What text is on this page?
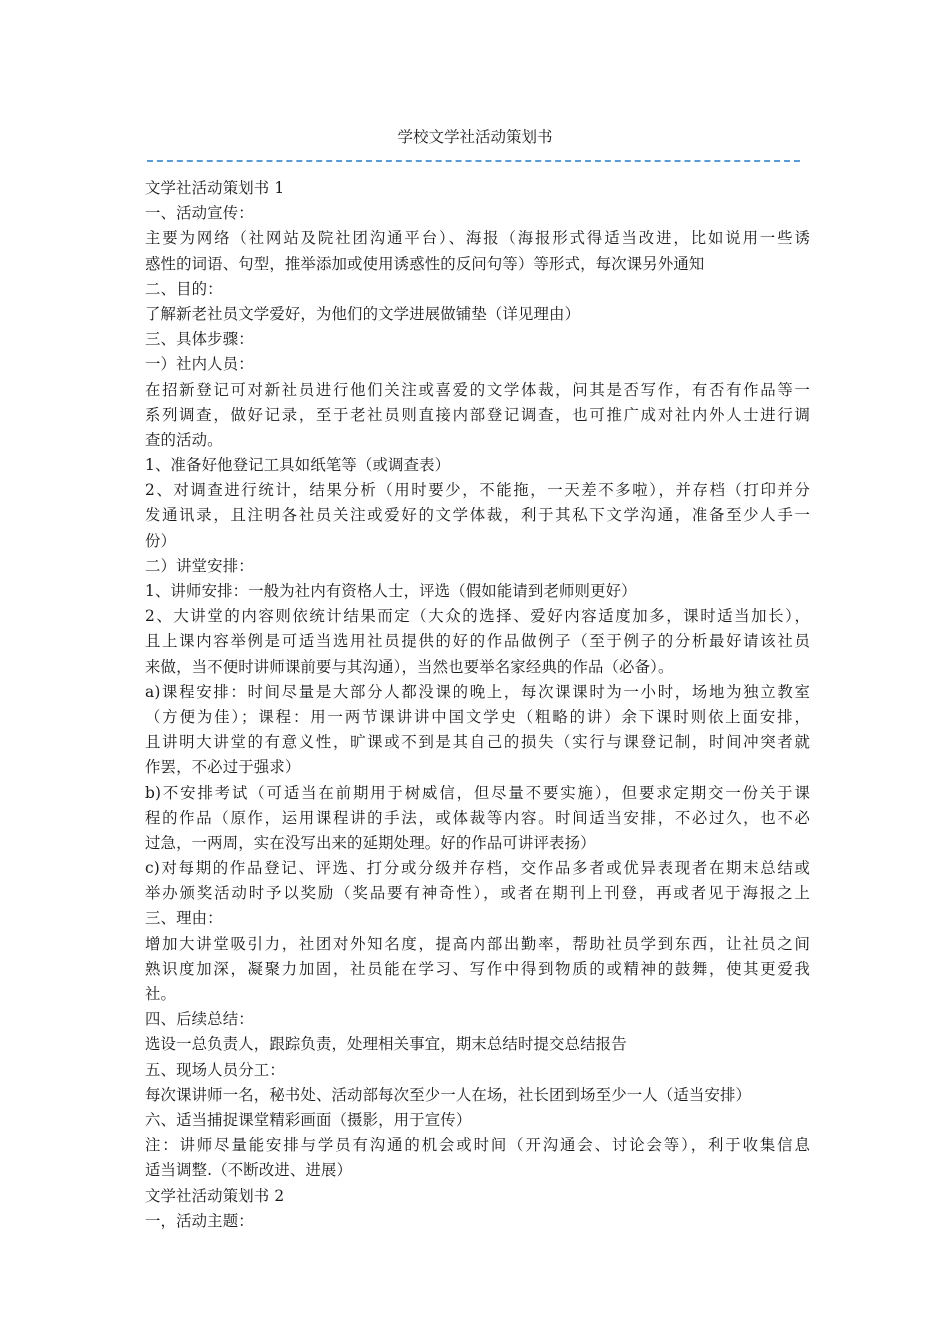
学校文学社活动策划书
文学社活动策划书 1
一、活动宣传：
主要为网络（社网站及院社团沟通平台）、海报（海报形式得适当改进，比如说用一些诱
惑性的词语、句型，推举添加或使用诱惑性的反问句等）等形式，每次课另外通知
二、目的：
了解新老社员文学爱好，为他们的文学进展做铺垫（详见理由）
三、具体步骤：
一）社内人员：
在招新登记可对新社员进行他们关注或喜爱的文学体裁，问其是否写作，有否有作品等一
系列调查，做好记录，至于老社员则直接内部登记调查，也可推广成对社内外人士进行调
查的活动。
1、准备好他登记工具如纸笔等（或调查表）
2、对调查进行统计，结果分析（用时要少，不能拖，一天差不多啦），并存档（打印并分
发通讯录，且注明各社员关注或爱好的文学体裁，利于其私下文学沟通，准备至少人手一
份）
二）讲堂安排：
1、讲师安排：一般为社内有资格人士，评选（假如能请到老师则更好）
2、大讲堂的内容则依统计结果而定（大众的选择、爱好内容适度加多，课时适当加长），
且上课内容举例是可适当选用社员提供的好的作品做例子（至于例子的分析最好请该社员
来做，当不便时讲师课前要与其沟通），当然也要举名家经典的作品（必备）。
a)课程安排：时间尽量是大部分人都没课的晚上，每次课课时为一小时，场地为独立教室
（方便为佳）；课程：用一两节课讲讲中国文学史（粗略的讲）余下课时则依上面安排，
且讲明大讲堂的有意义性，旷课或不到是其自己的损失（实行与课登记制，时间冲突者就
作罢，不必过于强求）
b)不安排考试（可适当在前期用于树威信，但尽量不要实施），但要求定期交一份关于课
程的作品（原作，运用课程讲的手法，或体裁等内容。时间适当安排，不必过久，也不必
过急，一两周，实在没写出来的延期处理。好的作品可讲评表扬）
c)对每期的作品登记、评选、打分或分级并存档，交作品多者或优异表现者在期末总结或
举办颁奖活动时予以奖励（奖品要有神奇性），或者在期刊上刊登，再或者见于海报之上
三、理由：
增加大讲堂吸引力，社团对外知名度，提高内部出勤率，帮助社员学到东西，让社员之间
熟识度加深，凝聚力加固，社员能在学习、写作中得到物质的或精神的鼓舞，使其更爱我
社。
四、后续总结：
选设一总负责人，跟踪负责，处理相关事宜，期末总结时提交总结报告
五、现场人员分工：
每次课讲师一名，秘书处、活动部每次至少一人在场，社长团到场至少一人（适当安排）
六、适当捕捉课堂精彩画面（摄影，用于宣传）
注：讲师尽量能安排与学员有沟通的机会或时间（开沟通会、讨论会等），利于收集信息
适当调整.（不断改进、进展）
文学社活动策划书 2
一，活动主题：
